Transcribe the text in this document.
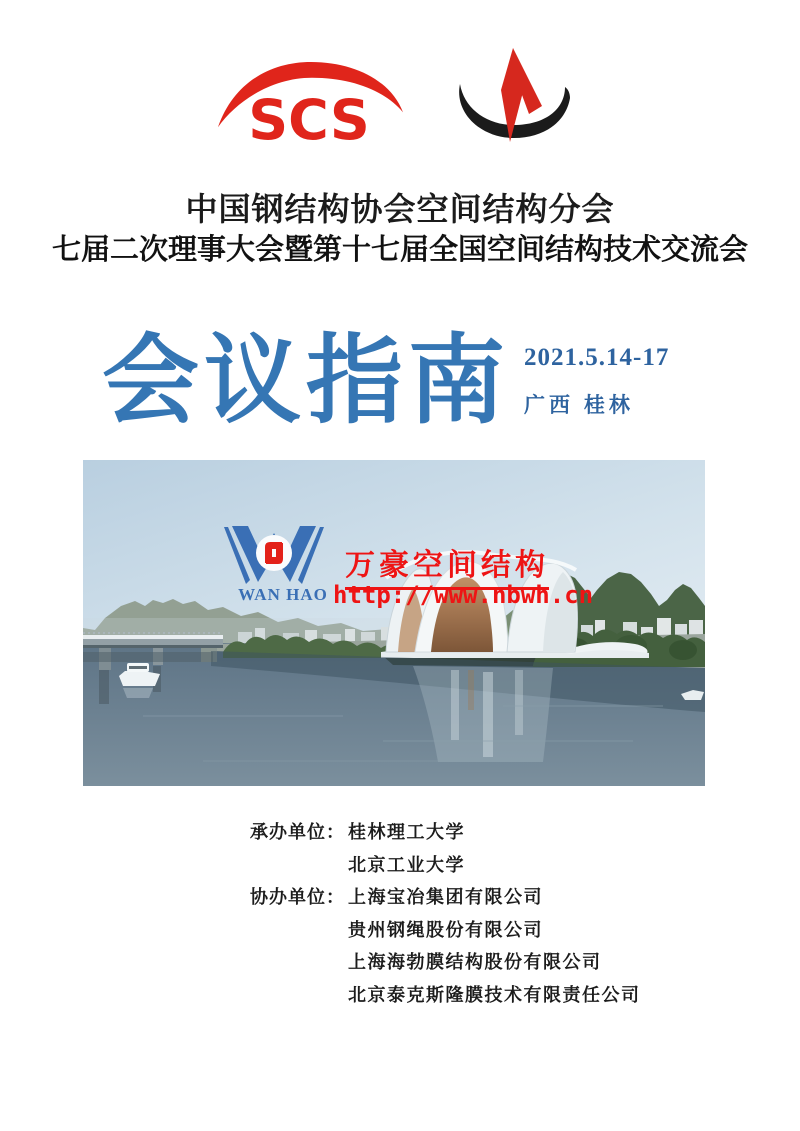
SCS
中国钢结构协会空间结构分会
七届二次理事大会暨第十七届全国空间结构技术交流会
会议指南 2021.5.14-17
广西 桂林
WAN HAO
万豪空间结构
http://www.nbwh.cn
承办单位： 桂林理工大学
北京工业大学
协办单位： 上海宝冶集团有限公司
贵州钢绳股份有限公司
上海海勃膜结构股份有限公司
北京泰克斯隆膜技术有限责任公司
